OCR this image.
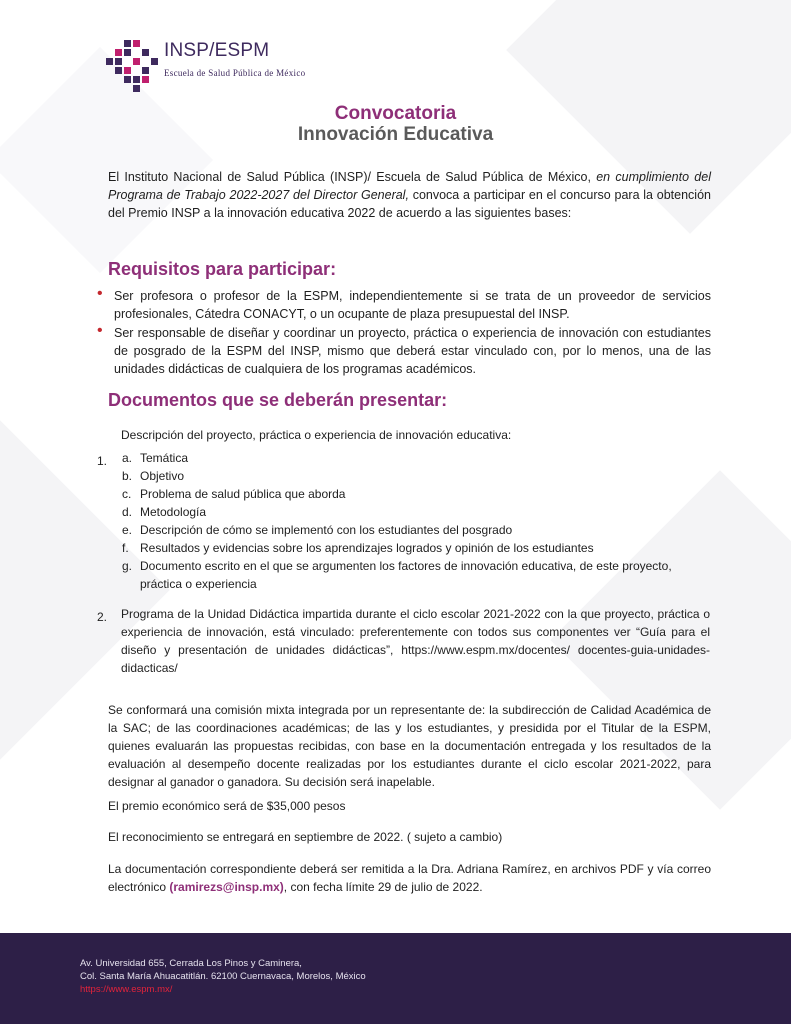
INSP/ESPM
Escuela de Salud Pública de México
Convocatoria
Innovación Educativa
El Instituto Nacional de Salud Pública (INSP)/ Escuela de Salud Pública de México, en cumplimiento del Programa de Trabajo 2022-2027 del Director General, convoca a participar en el concurso para la obtención del Premio INSP a la innovación educativa 2022 de acuerdo a las siguientes bases:
Requisitos para participar:
• Ser profesora o profesor de la ESPM, independientemente si se trata de un proveedor de servicios profesionales, Cátedra CONACYT, o un ocupante de plaza presupuestal del INSP.
• Ser responsable de diseñar y coordinar un proyecto, práctica o experiencia de innovación con estudiantes de posgrado de la ESPM del INSP, mismo que deberá estar vinculado con, por lo menos, una de las unidades didácticas de cualquiera de los programas académicos.
Documentos que se deberán presentar:
Descripción del proyecto, práctica o experiencia de innovación educativa:
1. a. Temática
b. Objetivo
c. Problema de salud pública que aborda
d. Metodología
e. Descripción de cómo se implementó con los estudiantes del posgrado
f. Resultados y evidencias sobre los aprendizajes logrados y opinión de los estudiantes
g. Documento escrito en el que se argumenten los factores de innovación educativa, de este proyecto, práctica o experiencia
2. Programa de la Unidad Didáctica impartida durante el ciclo escolar 2021-2022 con la que proyecto, práctica o experiencia de innovación, está vinculado: preferentemente con todos sus componentes ver “Guía para el diseño y presentación de unidades didácticas”, https://www.espm.mx/docentes/ docentes-guia-unidades-didacticas/
Se conformará una comisión mixta integrada por un representante de: la subdirección de Calidad Académica de la SAC; de las coordinaciones académicas; de las y los estudiantes, y presidida por el Titular de la ESPM, quienes evaluarán las propuestas recibidas, con base en la documentación entregada y los resultados de la evaluación al desempeño docente realizadas por los estudiantes durante el ciclo escolar 2021-2022, para designar al ganador o ganadora. Su decisión será inapelable.
El premio económico será de $35,000 pesos
El reconocimiento se entregará en septiembre de 2022. ( sujeto a cambio)
La documentación correspondiente deberá ser remitida a la Dra. Adriana Ramírez, en archivos PDF y vía correo electrónico (ramirezs@insp.mx), con fecha límite 29 de julio de 2022.
Av. Universidad 655, Cerrada Los Pinos y Caminera,
Col. Santa María Ahuacatitlán. 62100 Cuernavaca, Morelos, México
https://www.espm.mx/
